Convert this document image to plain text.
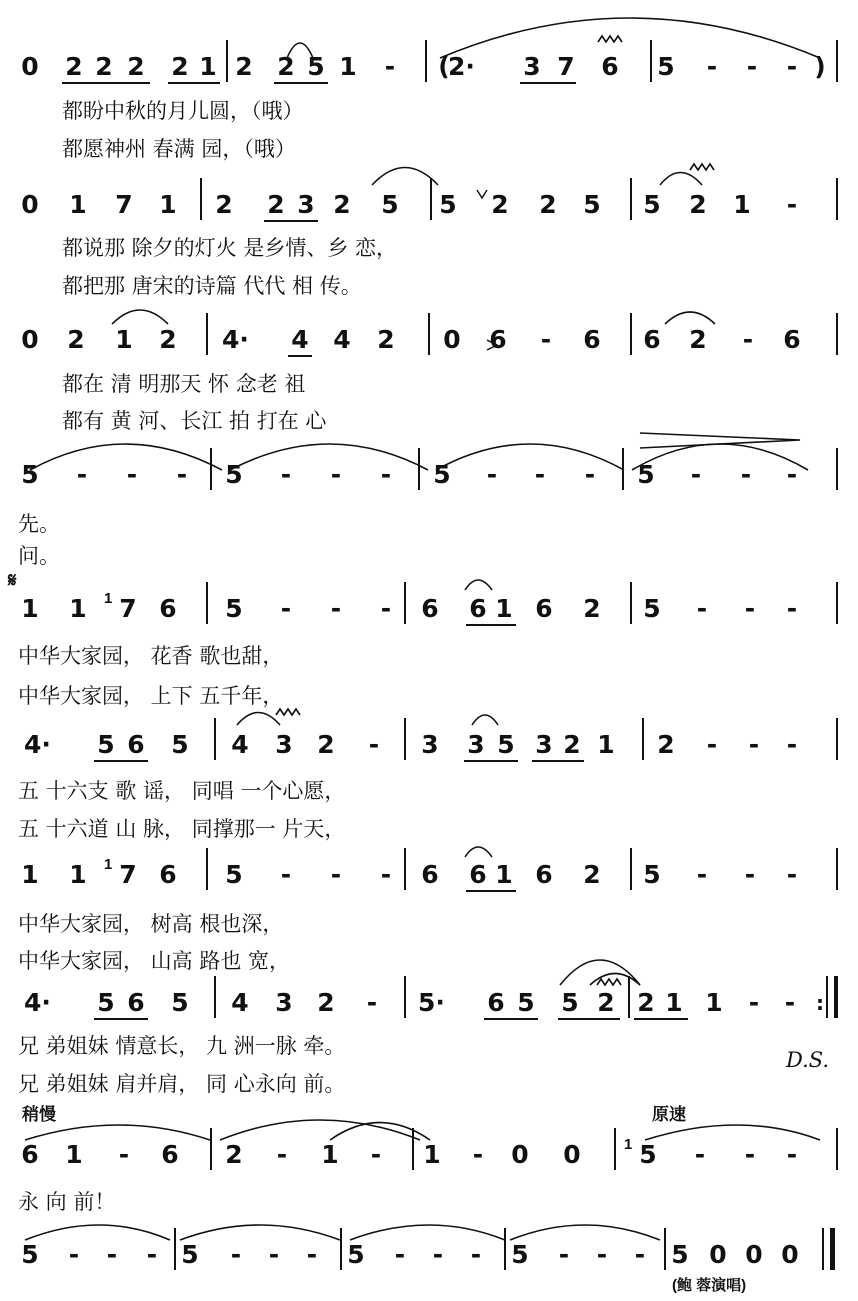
0 2 2 2 2 1 2 2 5 1 - (
2· 3 7 6 5 - - - )
都盼中秋的月儿圆，（哦）
都愿神州 春满 园，（哦）
0 1 7 1 2 2 3 2 5 5 2 2 5 5 2 1 -
都说那 除夕的灯火 是乡情、乡 恋，
都把那 唐宋的诗篇 代代 相 传。
0 2 1 2 4· 4 4 2 0 6 - 6 6 2 - 6
都在 清 明那天 怀 念老 祖
都有 黄 河、长江 拍 打在 心
5 - - - 5 - - - 5 - - - 5 - - -
先。
问。
𝄋
1 1 7 6 5 - - - 6 6 1 6 2 5 - - -
1
中华大家园， 花香 歌也甜，
中华大家园， 上下 五千年，
4· 5 6 5 4 3 2 - 3 3 5 3 2 1 2 - - -
五 十六支 歌 谣， 同唱 一个心愿，
五 十六道 山 脉， 同撑那一 片天，
1 1 7 6 5 - - - 6 6 1 6 2 5 - - -
1
中华大家园， 树高 根也深，
中华大家园， 山高 路也 宽，
4· 5 6 5 4 3 2 - 5· 6 5 5 2 2 1 1 - -	:
兄 弟姐妹 情意长， 九 洲一脉 牵。
兄 弟姐妹 肩并肩， 同 心永向 前。
D.S.
稍慢	原速
6 1 - 6 2 - 1 - 1 - 0 0 5 - - -
1
永 向 前！
5 - - - 5 - - - 5 - - - 5 - - - 5 0 0 0
(鲍 蓉演唱)
